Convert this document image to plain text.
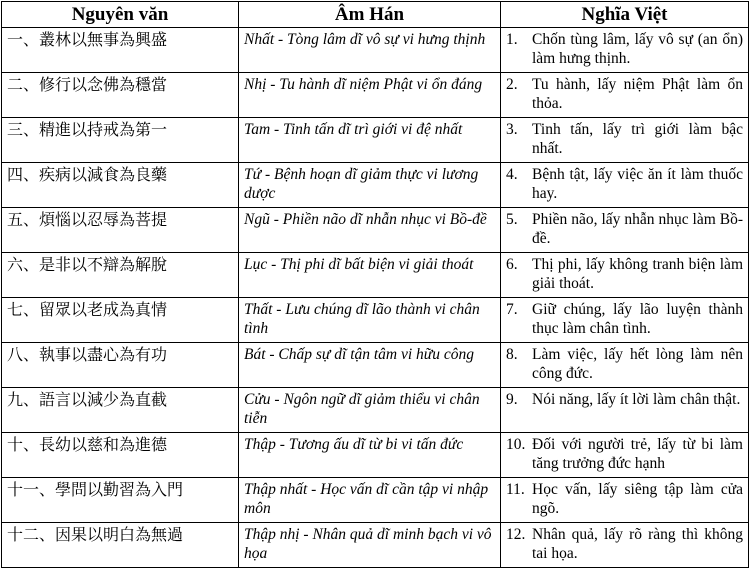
Nguyên văn	Âm Hán	Nghĩa Việt
一、叢林以無事為興盛	Nhất - Tòng lâm dĩ vô sự vi hưng thịnh	1. Chốn tùng lâm, lấy vô sự (an ổn) làm hưng thịnh.

二、修行以念佛為穩當	Nhị - Tu hành dĩ niệm Phật vi ổn đáng	2. Tu hành, lấy niệm Phật làm ổn thỏa.

三、精進以持戒為第一	Tam - Tinh tấn dĩ trì giới vi đệ nhất	3. Tinh tấn, lấy trì giới làm bậc nhất.

四、疾病以減食為良藥	Tứ - Bệnh hoạn dĩ giảm thực vi lương dược	4. Bệnh tật, lấy việc ăn ít làm thuốc hay.

五、煩惱以忍辱為菩提	Ngũ - Phiền não dĩ nhẫn nhục vi Bồ-đề	5. Phiền não, lấy nhẫn nhục làm Bồ-đề.

六、是非以不辯為解脫	Lục - Thị phi dĩ bất biện vi giải thoát	6. Thị phi, lấy không tranh biện làm giải thoát.

七、留眾以老成為真情	Thất - Lưu chúng dĩ lão thành vi chân tình	7. Giữ chúng, lấy lão luyện thành thục làm chân tình.

八、執事以盡心為有功	Bát - Chấp sự dĩ tận tâm vi hữu công	8. Làm việc, lấy hết lòng làm nên công đức.

九、語言以減少為直截	Cửu - Ngôn ngữ dĩ giảm thiểu vi chân tiễn	9. Nói năng, lấy ít lời làm chân thật.

十、長幼以慈和為進德	Thập - Tương ấu dĩ từ bi vi tấn đức	10. Đối với người trẻ, lấy từ bi làm tăng trưởng đức hạnh

十一、學問以勤習為入門	Thập nhất - Học vấn dĩ cần tập vi nhập môn	11. Học vấn, lấy siêng tập làm cửa ngõ.

十二、因果以明白為無過	Thập nhị - Nhân quả dĩ minh bạch vi vô họa	12. Nhân quả, lấy rõ ràng thì không tai họa.
